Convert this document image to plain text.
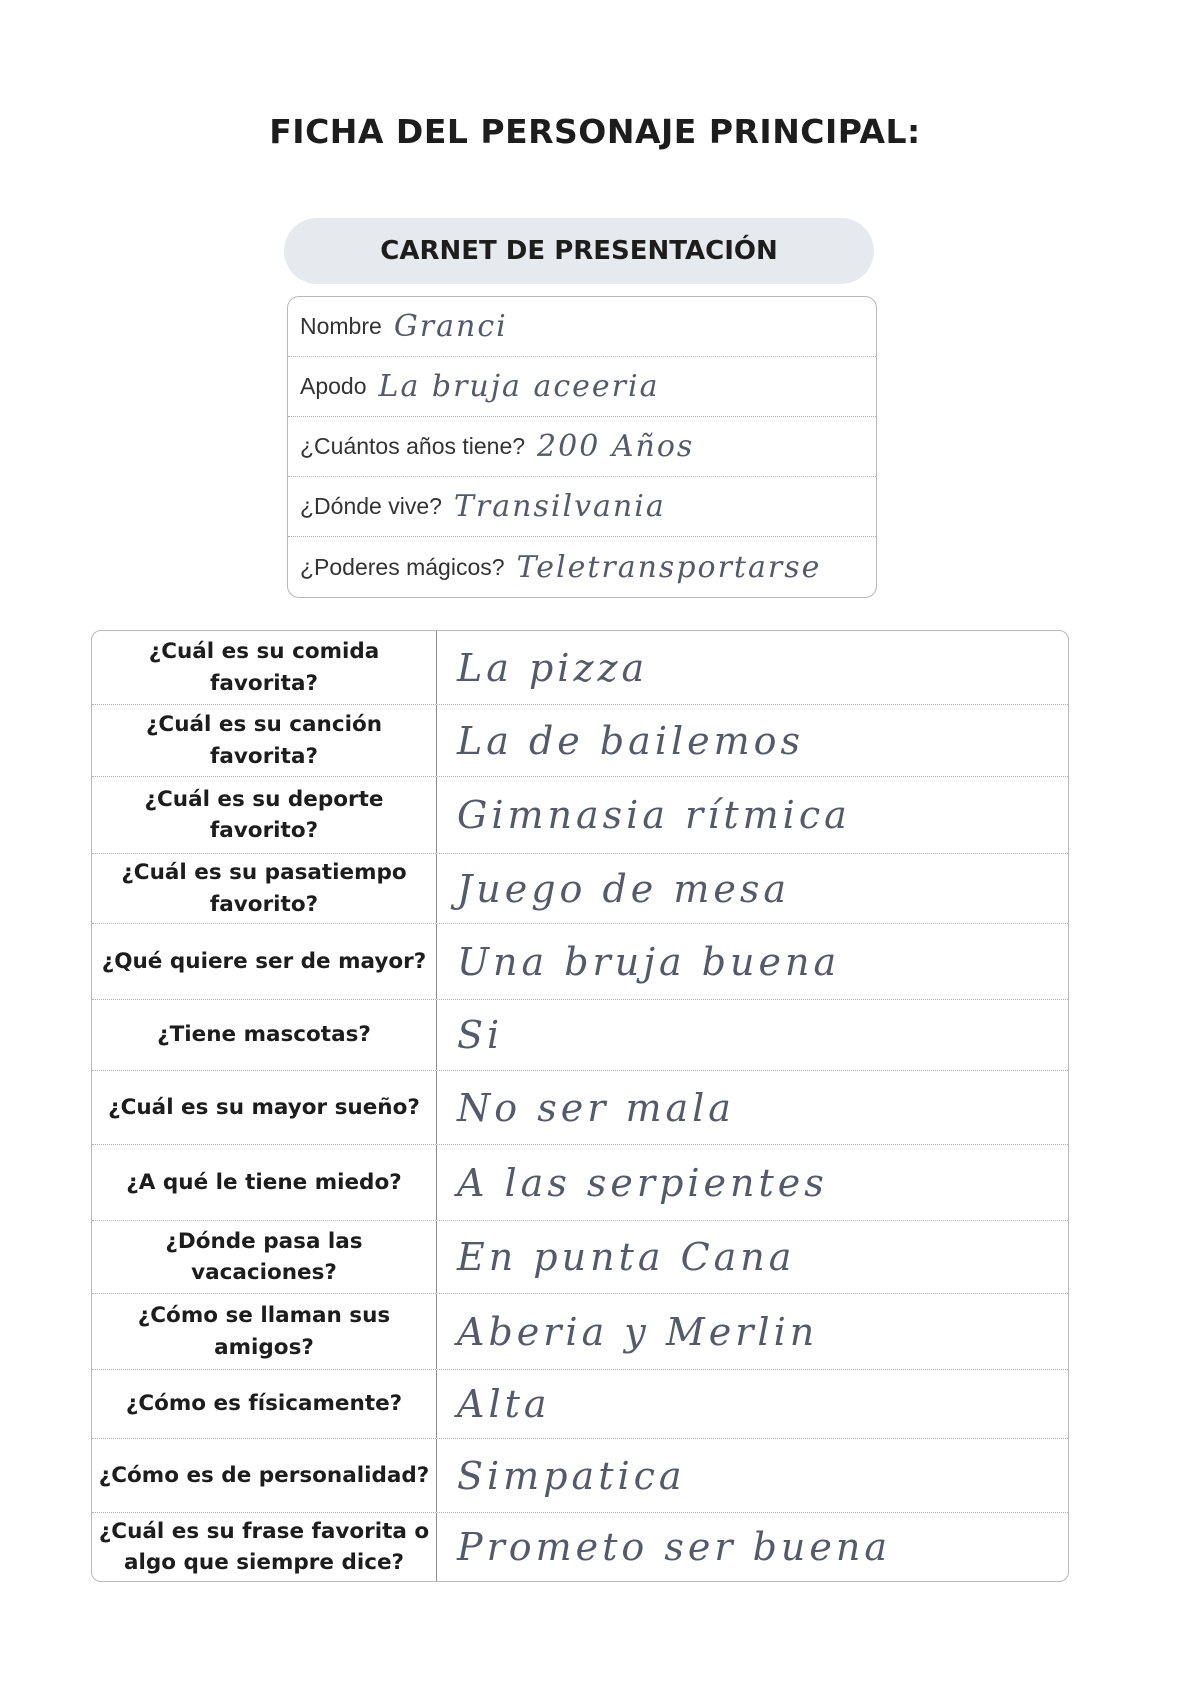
FICHA DEL PERSONAJE PRINCIPAL:
CARNET DE PRESENTACIÓN
Nombre Granci
Apodo La bruja aceeria
¿Cuántos años tiene? 200 Años
¿Dónde vive? Transilvania
¿Poderes mágicos? Teletransportarse
¿Cuál es su comida favorita?	La pizza
¿Cuál es su canción favorita?	La de bailemos
¿Cuál es su deporte favorito?	Gimnasia rítmica
¿Cuál es su pasatiempo favorito?	Juego de mesa
¿Qué quiere ser de mayor? Una bruja buena
¿Tiene mascotas?	Si
¿Cuál es su mayor sueño? No ser mala
¿A qué le tiene miedo?	A las serpientes
¿Dónde pasa las vacaciones?	En punta Cana
¿Cómo se llaman sus amigos?	Aberia y Merlin
¿Cómo es físicamente?	Alta
¿Cómo es de personalidad? Simpatica
¿Cuál es su frase favorita o algo que siempre dice?	Prometo ser buena
